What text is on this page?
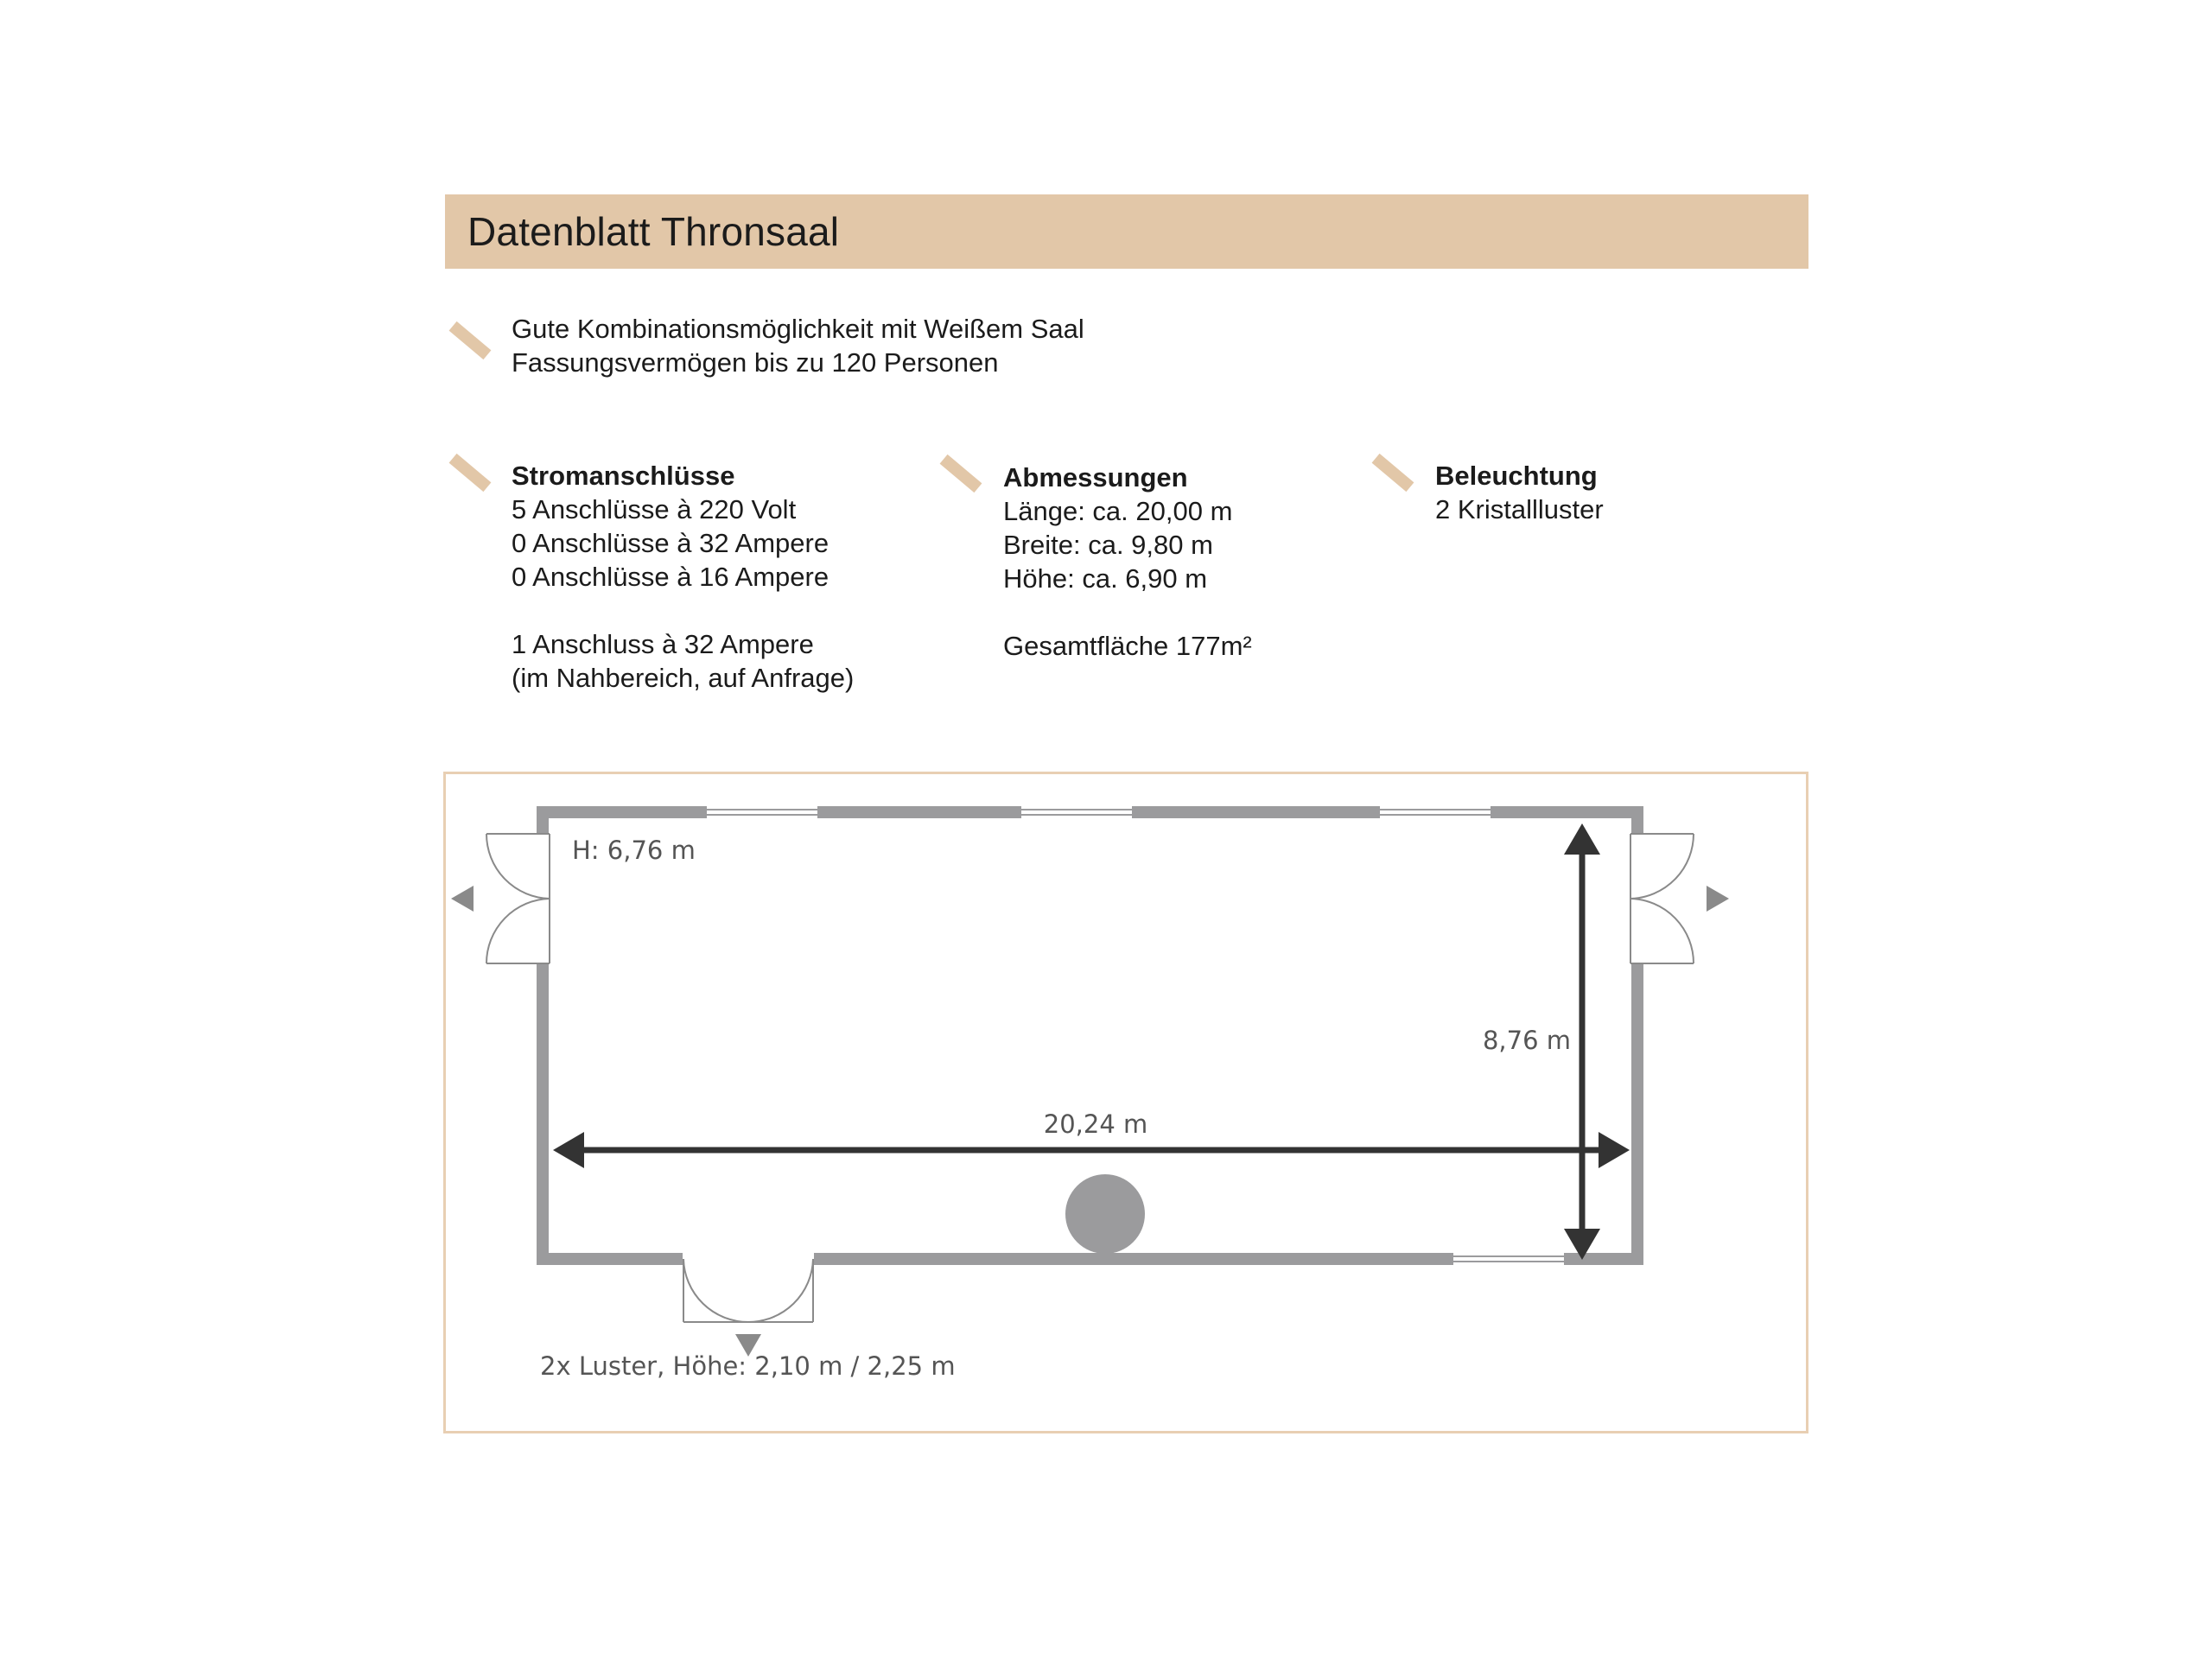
Datenblatt Thronsaal
Gute Kombinationsmöglichkeit mit Weißem Saal
Fassungsvermögen bis zu 120 Personen
Stromanschlüsse
5 Anschlüsse à 220 Volt
0 Anschlüsse à 32 Ampere
0 Anschlüsse à 16 Ampere
1 Anschluss à 32 Ampere
(im Nahbereich, auf Anfrage)
Abmessungen
Länge: ca. 20,00 m
Breite: ca. 9,80 m
Höhe: ca. 6,90 m
Gesamtfläche 177m²
Beleuchtung
2 Kristallluster
H: 6,76 m
8,76 m
20,24 m
2x Luster, Höhe: 2,10 m / 2,25 m
